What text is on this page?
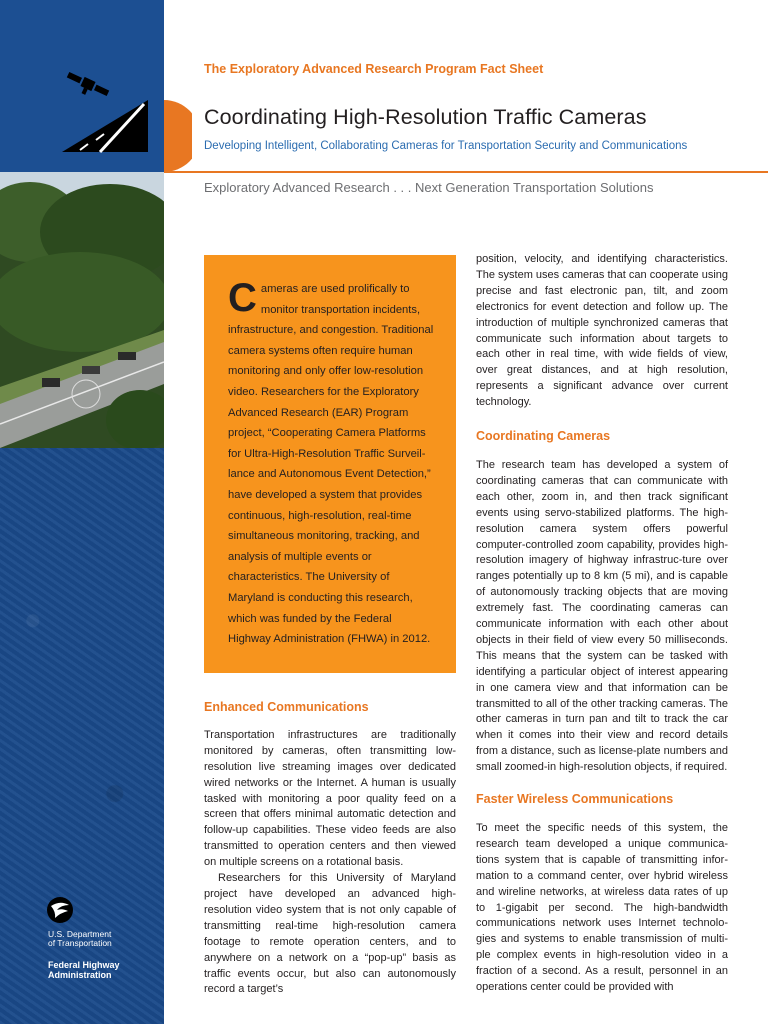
The Exploratory Advanced Research Program Fact Sheet
Coordinating High-Resolution Traffic Cameras
Developing Intelligent, Collaborating Cameras for Transportation Security and Communications
Exploratory Advanced Research . . . Next Generation Transportation Solutions

Cameras are used prolifically to monitor transportation incidents, infrastructure, and congestion. Traditional camera systems often require human monitoring and only offer low-resolution video. Researchers for the Exploratory Advanced Research (EAR) Program project, “Cooperating Camera Platforms for Ultra-High-Resolution Traffic Surveil-lance and Autonomous Event Detection,” have developed a system that provides continuous, high-resolution, real-time simultaneous monitoring, tracking, and analysis of multiple events or characteristics. The University of Maryland is conducting this research, which was funded by the Federal Highway Administration (FHWA) in 2012.

Enhanced Communications

Transportation infrastructures are traditionally monitored by cameras, often transmitting low-resolution live streaming images over dedicated wired networks or the Internet. A human is usually tasked with monitoring a poor quality feed on a screen that offers minimal automatic detection and follow-up capabilities. These video feeds are also transmitted to operation centers and then viewed on multiple screens on a rotational basis.

Researchers for this University of Maryland project have developed an advanced high-resolution video system that is not only capable of transmitting real-time high-resolution camera footage to remote operation centers, and to anywhere on a network on a “pop-up” basis as traffic events occur, but also can autonomously record a target’s

position, velocity, and identifying characteristics. The system uses cameras that can cooperate using precise and fast electronic pan, tilt, and zoom electronics for event detection and follow up. The introduction of multiple synchronized cameras that communicate such information about targets to each other in real time, with wide fields of view, over great distances, and at high resolution, represents a significant advance over current technology.

Coordinating Cameras

The research team has developed a system of coordinating cameras that can communicate with each other, zoom in, and then track significant events using servo-stabilized platforms. The high-resolution camera system offers powerful computer-controlled zoom capability, provides high-resolution imagery of highway infrastruc-ture over ranges potentially up to 8 km (5 mi), and is capable of autonomously tracking objects that are moving extremely fast. The coordinating cameras can communicate information with each other about objects in their field of view every 50 milliseconds. This means that the system can be tasked with identifying a particular object of interest appearing in one camera view and that information can be transmitted to all of the other tracking cameras. The other cameras in turn pan and tilt to track the car when it comes into their view and record details from a distance, such as license-plate numbers and small zoomed-in high-resolution objects, if required.

Faster Wireless Communications

To meet the specific needs of this system, the research team developed a unique communica-tions system that is capable of transmitting infor-mation to a command center, over hybrid wireless and wireline networks, at wireless data rates of up to 1-gigabit per second. The high-bandwidth communications network uses Internet technolo-gies and systems to enable transmission of multi-ple complex events in high-resolution video in a fraction of a second. As a result, personnel in an operations center could be provided with

U.S. Department
of Transportation
Federal Highway
Administration
